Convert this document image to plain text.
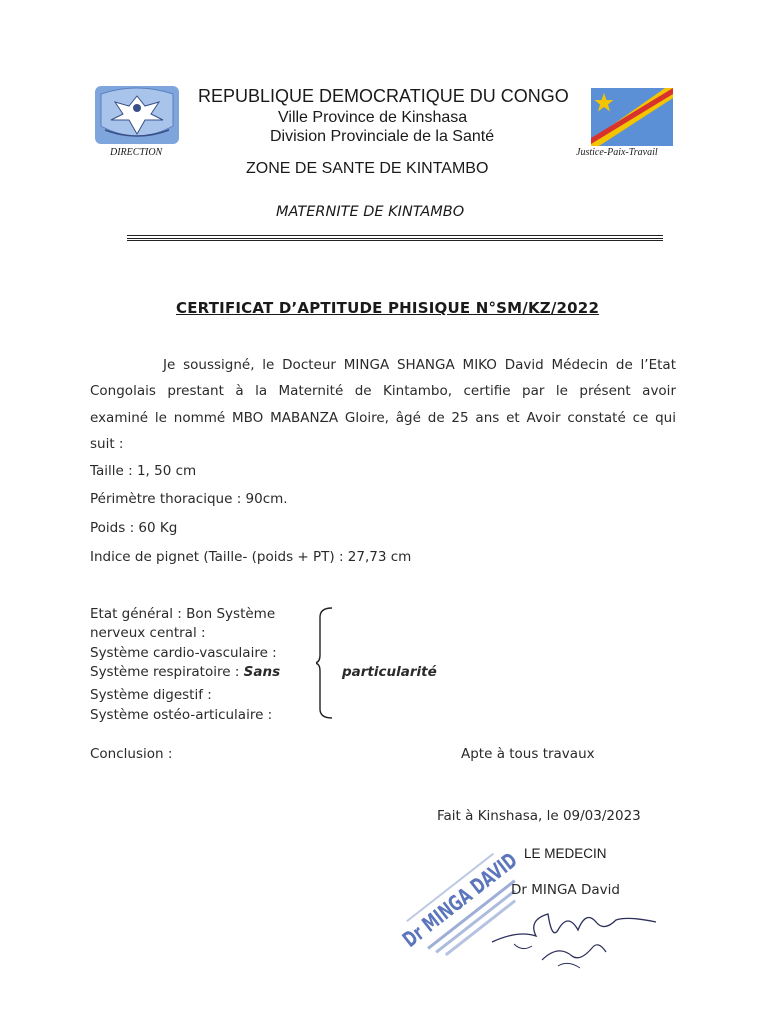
DIRECTION	Justice-Paix-Travail
REPUBLIQUE DEMOCRATIQUE DU CONGO
Ville Province de Kinshasa
Division Provinciale de la Santé
ZONE DE SANTE DE KINTAMBO
MATERNITE DE KINTAMBO
CERTIFICAT D’APTITUDE PHISIQUE N°SM/KZ/2022
Je soussigné, le Docteur MINGA SHANGA MIKO David Médecin de l’Etat
Congolais prestant à la Maternité de Kintambo, certifie par le présent avoir
examiné le nommé MBO MABANZA Gloire, âgé de 25 ans et Avoir constaté ce qui
suit :
Taille : 1, 50 cm
Périmètre thoracique : 90cm.
Poids : 60 Kg
Indice de pignet (Taille- (poids + PT) : 27,73 cm
Etat général : Bon Système
nerveux central :
Système cardio-vasculaire :
Système respiratoire : Sans
Système digestif :
Système ostéo-articulaire :
particularité
Conclusion :	Apte à tous travaux
Fait à Kinshasa, le 09/03/2023
Dr MINGA DAVID
LE MEDECIN
Dr MINGA David
